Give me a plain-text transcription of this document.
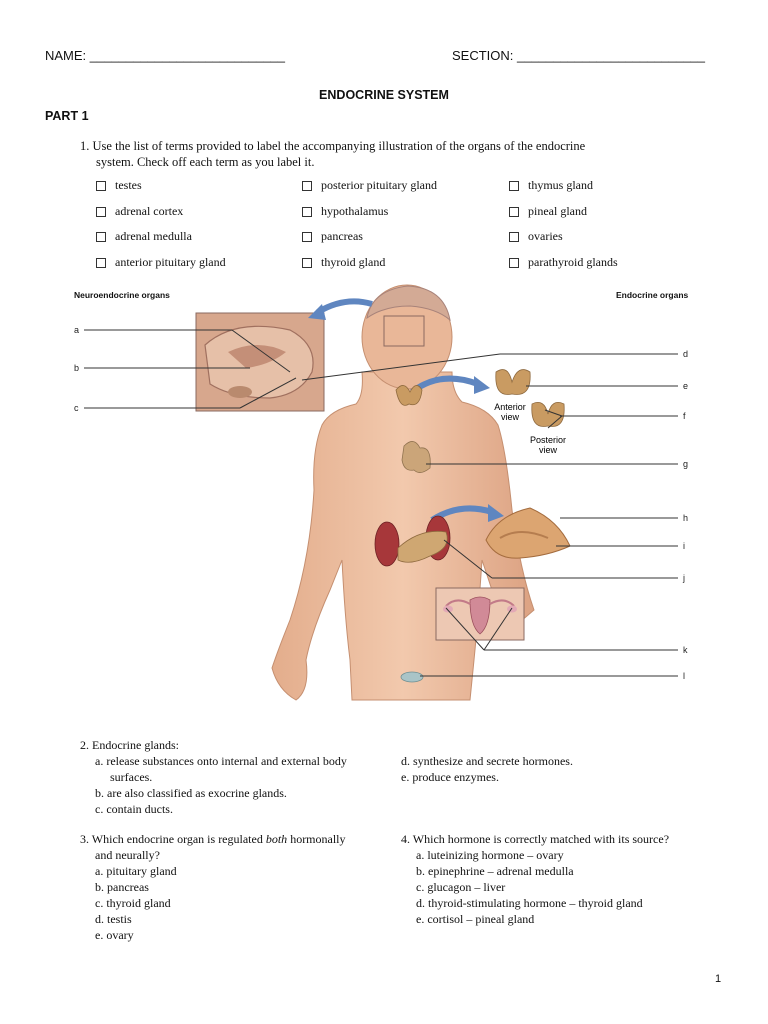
NAME: ___________________________	SECTION: __________________________
ENDOCRINE SYSTEM
PART 1
1. Use the list of terms provided to label the accompanying illustration of the organs of the endocrine
system. Check off each term as you label it.
testes	posterior pituitary gland	thymus gland
adrenal cortex	hypothalamus	pineal gland
adrenal medulla	pancreas	ovaries
anterior pituitary gland	thyroid gland	parathyroid glands
Neuroendocrine organs	Endocrine organs
Anterior view
Posterior view
a
b
c
d
e
f
g
h
i
j
k
l
2. Endocrine glands:
a. release substances onto internal and external body
surfaces.
b. are also classified as exocrine glands.
c. contain ducts.
d. synthesize and secrete hormones.
e. produce enzymes.
3. Which endocrine organ is regulated both hormonally
and neurally?
a. pituitary gland
b. pancreas
c. thyroid gland
d. testis
e. ovary
4. Which hormone is correctly matched with its source?
a. luteinizing hormone – ovary
b. epinephrine – adrenal medulla
c. glucagon – liver
d. thyroid-stimulating hormone – thyroid gland
e. cortisol – pineal gland
1
